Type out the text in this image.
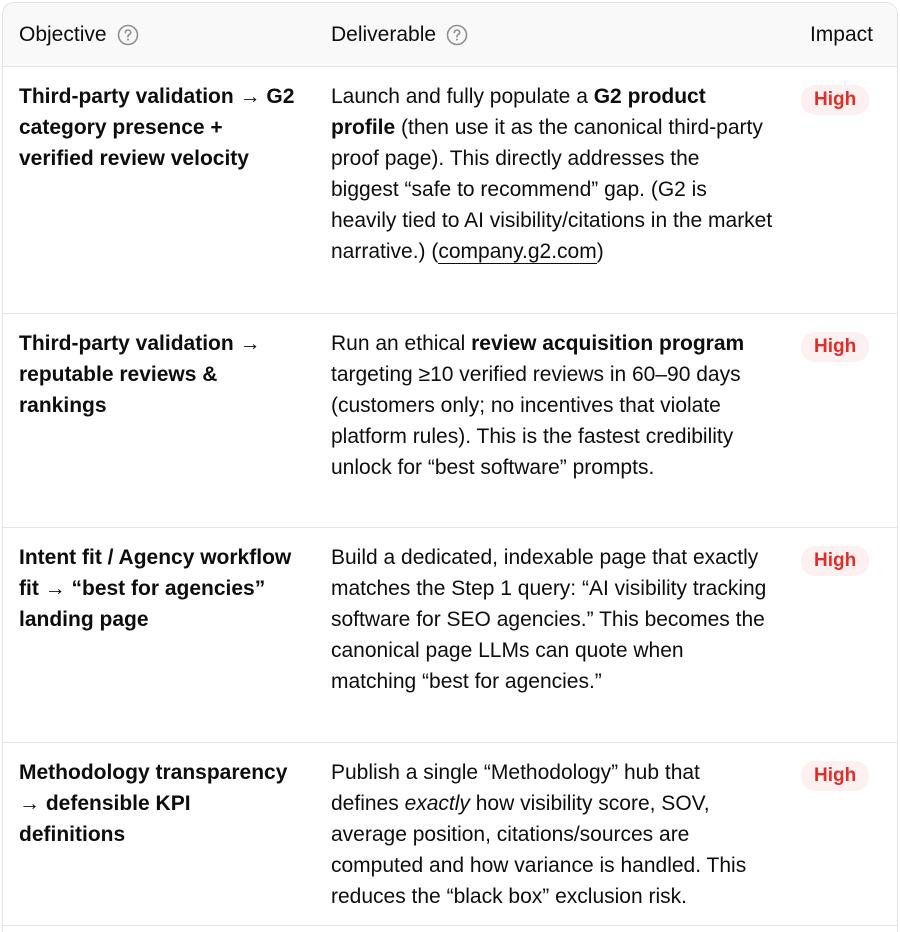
Objective	Deliverable	Impact
Third-party validation → G2 category presence + verified review velocity
Launch and fully populate a G2 product profile (then use it as the canonical third-party proof page). This directly addresses the biggest “safe to recommend” gap. (G2 is heavily tied to AI visibility/citations in the market narrative.) (company.g2.com)
High
Third-party validation → reputable reviews & rankings
Run an ethical review acquisition program targeting ≥10 verified reviews in 60–90 days (customers only; no incentives that violate platform rules). This is the fastest credibility unlock for “best software” prompts.
High
Intent fit / Agency workflow fit → “best for agencies” landing page
Build a dedicated, indexable page that exactly matches the Step 1 query: “AI visibility tracking software for SEO agencies.” This becomes the canonical page LLMs can quote when matching “best for agencies.”
High
Methodology transparency → defensible KPI definitions
Publish a single “Methodology” hub that defines exactly how visibility score, SOV, average position, citations/sources are computed and how variance is handled. This reduces the “black box” exclusion risk.
High
